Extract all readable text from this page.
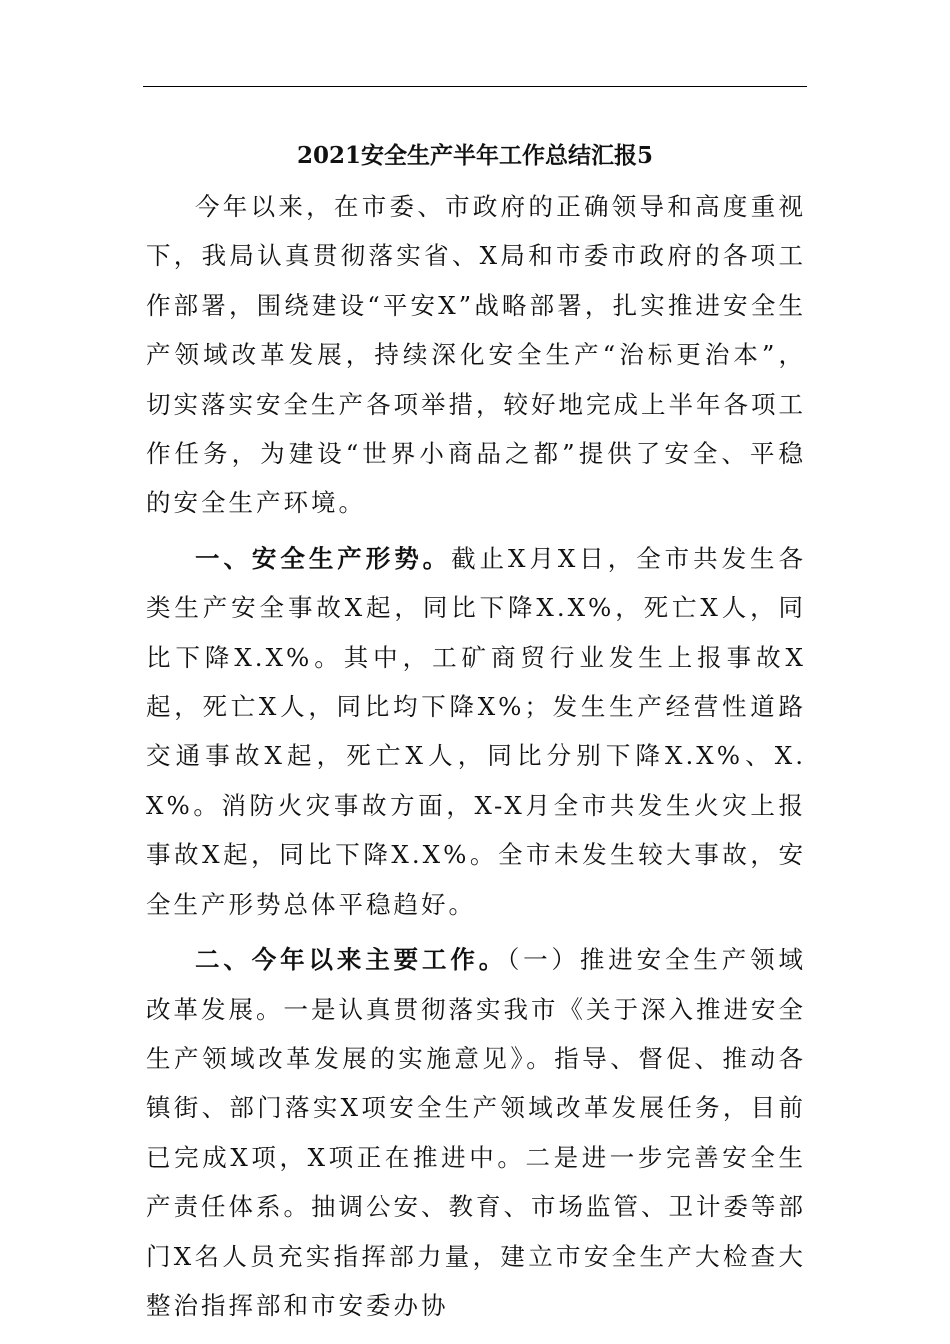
2021安全生产半年工作总结汇报5

今年以来，在市委、市政府的正确领导和高度重视下，我局认真贯彻落实省、X局和市委市政府的各项工作部署，围绕建设“平安X”战略部署，扎实推进安全生产领域改革发展，持续深化安全生产“治标更治本”，切实落实安全生产各项举措，较好地完成上半年各项工作任务，为建设“世界小商品之都”提供了安全、平稳的安全生产环境。

一、安全生产形势。截止X月X日，全市共发生各类生产安全事故X起，同比下降X.X%，死亡X人，同比下降X.X%。其中，工矿商贸行业发生上报事故X起，死亡X人，同比均下降X%；发生生产经营性道路交通事故X起，死亡X人，同比分别下降X.X%、X.X%。消防火灾事故方面，X-X月全市共发生火灾上报事故X起，同比下降X.X%。全市未发生较大事故，安全生产形势总体平稳趋好。

二、今年以来主要工作。（一）推进安全生产领域改革发展。一是认真贯彻落实我市《关于深入推进安全生产领域改革发展的实施意见》。指导、督促、推动各镇街、部门落实X项安全生产领域改革发展任务，目前已完成X项，X项正在推进中。二是进一步完善安全生产责任体系。抽调公安、教育、市场监管、卫计委等部门X名人员充实指挥部力量，建立市安全生产大检查大整治指挥部和市安委办协
